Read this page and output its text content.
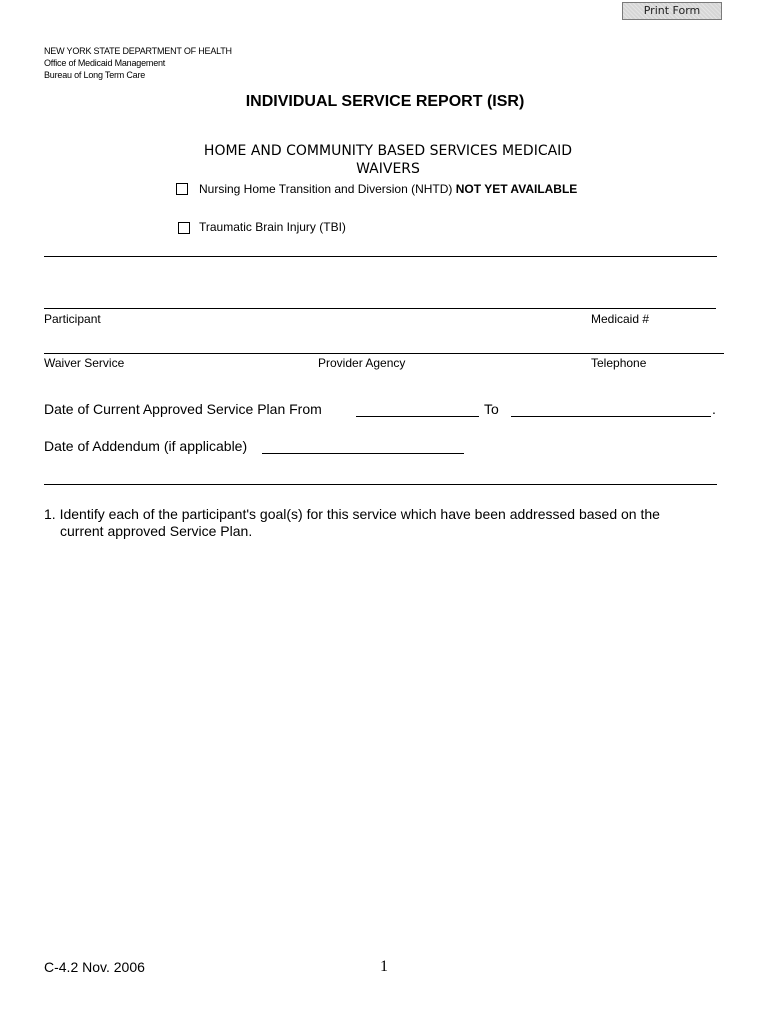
Print Form
NEW YORK STATE DEPARTMENT OF HEALTH
Office of Medicaid Management
Bureau of Long Term Care
INDIVIDUAL SERVICE REPORT (ISR)
HOME AND COMMUNITY BASED SERVICES MEDICAID
WAIVERS
Nursing Home Transition and Diversion (NHTD) NOT YET AVAILABLE
Traumatic Brain Injury (TBI)
Participant	Medicaid #
Waiver Service	Provider Agency	Telephone
Date of Current Approved Service Plan From	To	.
Date of Addendum (if applicable)
1. Identify each of the participant's goal(s) for this service which have been addressed based on the
current approved Service Plan.
C-4.2 Nov. 2006	1
